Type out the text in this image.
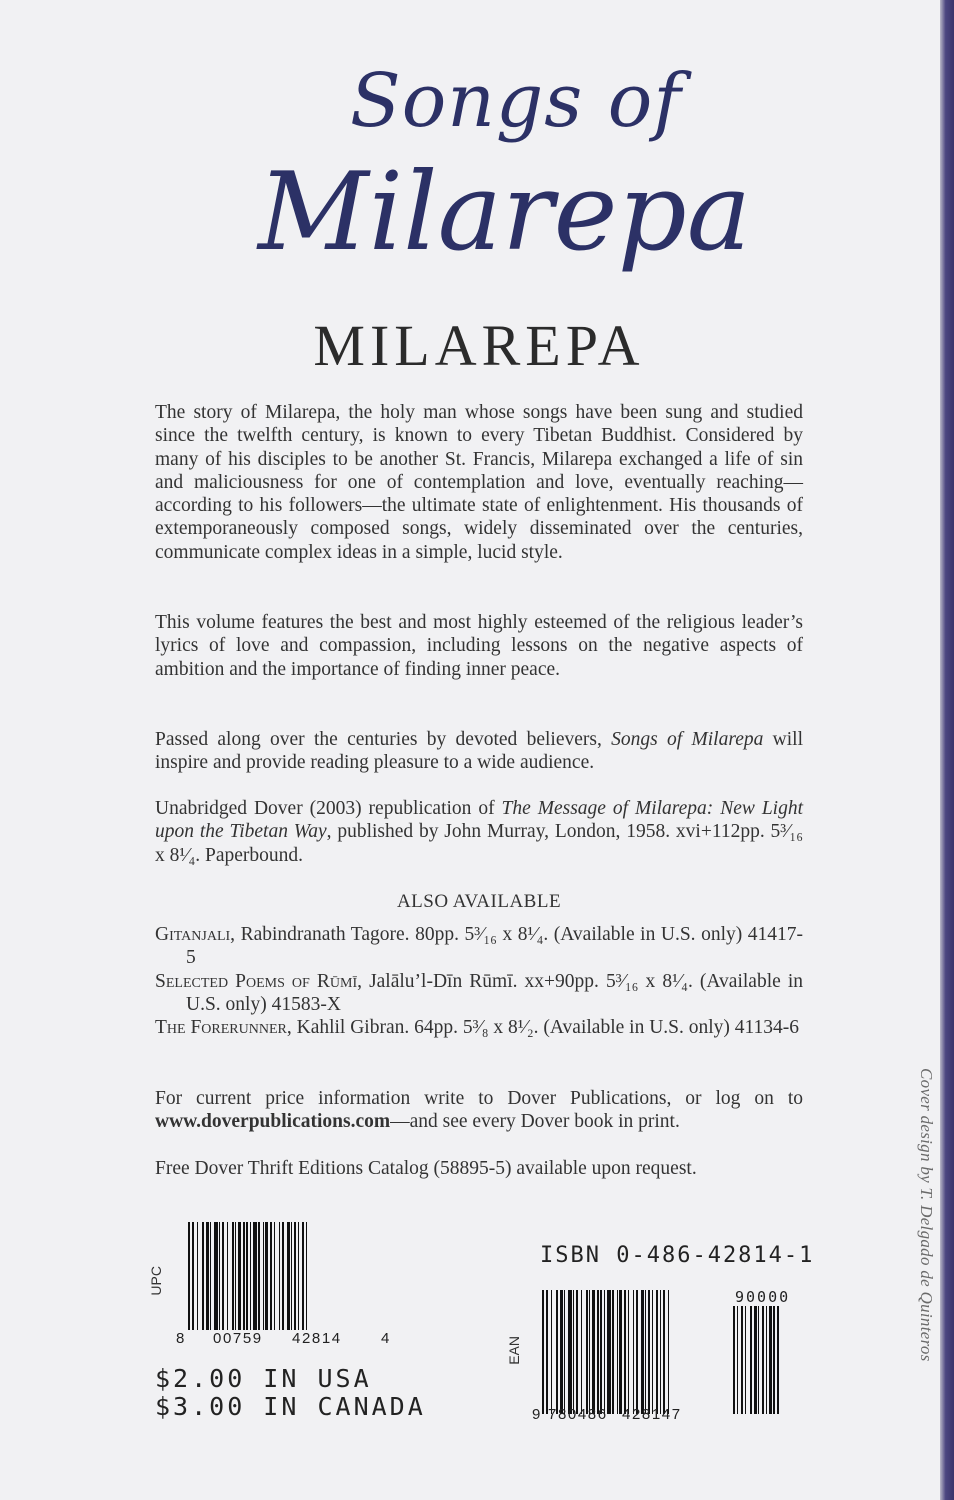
Songs of
Milarepa
MILAREPA
The story of Milarepa, the holy man whose songs have been sung and studied since the twelfth century, is known to every Tibetan Buddhist. Considered by many of his disciples to be another St. Francis, Milarepa exchanged a life of sin and maliciousness for one of contemplation and love, eventually reaching—according to his followers—the ultimate state of enlightenment. His thousands of extemporaneously composed songs, widely disseminated over the centuries, communicate complex ideas in a simple, lucid style.
This volume features the best and most highly esteemed of the religious leader’s lyrics of love and compassion, including lessons on the negative aspects of ambition and the importance of finding inner peace.
Passed along over the centuries by devoted believers, Songs of Milarepa will inspire and provide reading pleasure to a wide audience.
Unabridged Dover (2003) republication of The Message of Milarepa: New Light upon the Tibetan Way, published by John Murray, London, 1958. xvi+112pp. 5³⁄₁₆ x 8¹⁄₄. Paperbound.
ALSO AVAILABLE
Gitanjali, Rabindranath Tagore. 80pp. 5³⁄₁₆ x 8¹⁄₄. (Available in U.S. only) 41417-5
Selected Poems of Rūmī, Jalālu’l-Dīn Rūmī. xx+90pp. 5³⁄₁₆ x 8¹⁄₄. (Available in U.S. only) 41583-X
The Forerunner, Kahlil Gibran. 64pp. 5³⁄₈ x 8¹⁄₂. (Available in U.S. only) 41134-6
For current price information write to Dover Publications, or log on to www.doverpublications.com—and see every Dover book in print.
Free Dover Thrift Editions Catalog (58895-5) available upon request.	Cover design by T. Delgado de Quinteros
UPC
8 00759 42814	4
ISBN 0-486-42814-1
90000
EAN
9 780486 428147
$2.00 IN USA
$3.00 IN CANADA
